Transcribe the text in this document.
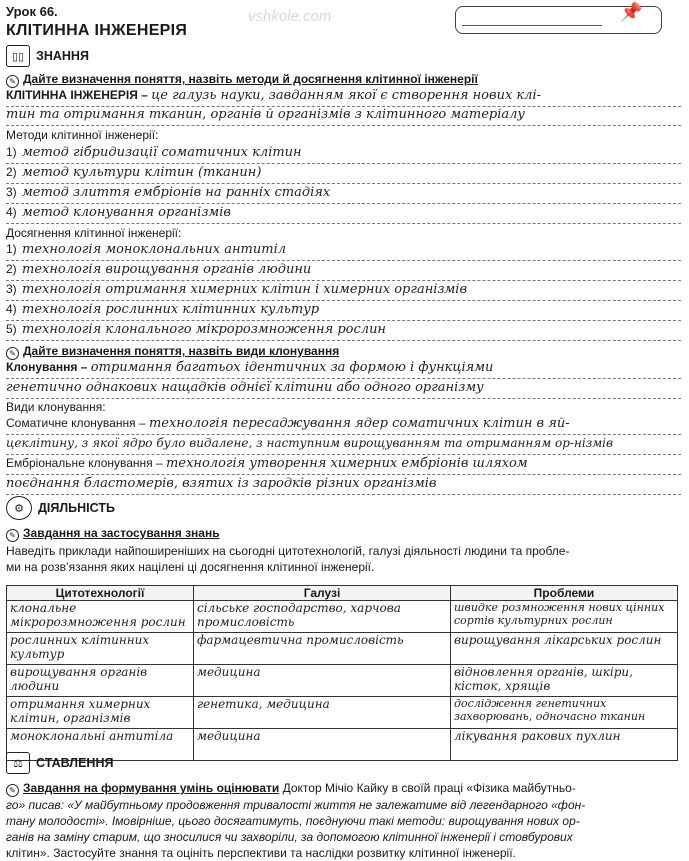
Урок 66.
КЛІТИННА ІНЖЕНЕРІЯ
📌
vshkole.com
▯▯ ЗНАННЯ
✎ Дайте визначення поняття, назвіть методи й досягнення клітинної інженерії
КЛІТИННА ІНЖЕНЕРІЯ – це галузь науки, завданням якої є створення нових клі-
тин та отримання тканин, органів й організмів з клітинного матеріалу
Методи клітинної інженерії:
1) метод гібридизації соматичних клітин
2) метод культури клітин (тканин)
3) метод злиття ембріонів на ранніх стадіях
4) метод клонування організмів
Досягнення клітинної інженерії:
1) технологія моноклональних антитіл
2) технологія вирощування органів людини
3) технологія отримання химерних клітин і химерних організмів
4) технологія рослинних клітинних культур
5) технологія клонального мікророзмноження рослин
✎ Дайте визначення поняття, назвіть види клонування
Клонування – отримання багатьох ідентичних за формою і функціями
генетично однакових нащадків однієї клітини або одного організму
Види клонування:
Соматичне клонування – технологія пересаджування ядер соматичних клітин в яй-
цеклітину, з якої ядро було видалене, з наступним вирощуванням та отриманням ор-нізмів
Ембріональне клонування – технологія утворення химерних ембріонів шляхом
поєднання бластомерів, взятих із зародків різних організмів
⚙	ДІЯЛЬНІСТЬ
✎ Завдання на застосування знань
Наведіть приклади найпоширеніших на сьогодні цитотехнологій, галузі діяльності людини та пробле-
ми на розв’язання яких націлені ці досягнення клітинної інженерії.
Цитотехнології	Галузі	Проблеми
клональне мікророзмноження рослин	сільське господарство, харчова промисловість	швидке розмноження нових цінних сортів культурних рослин
рослинних клітинних культур	фармацевтична промисловість	вирощування лікарських рослин
вирощування органів людини	медицина	відновлення органів, шкіри, кісток, хрящів
отримання химерних клітин, організмів	генетика, медицина	дослідження генетичних захворювань, одночасно тканин
моноклональні антитіла	медицина	лікування ракових пухлин
⚖	СТАВЛЕННЯ
✎ Завдання на формування умінь оцінювати Доктор Мічіо Кайку в своїй праці «Фізика майбутньо-
го» писав: «У майбутньому продовження тривалості життя не залежатиме від легендарного «фон-
тану молодості». Імовірніше, цього досягатимуть, поєднуючи такі методи: вирощування нових ор-
ганів на заміну старим, що зносилися чи захворіли, за допомогою клітинної інженерії і стовбурових
клітин». Застосуйте знання та оцініть перспективи та наслідки розвитку клітинної інженерії.
